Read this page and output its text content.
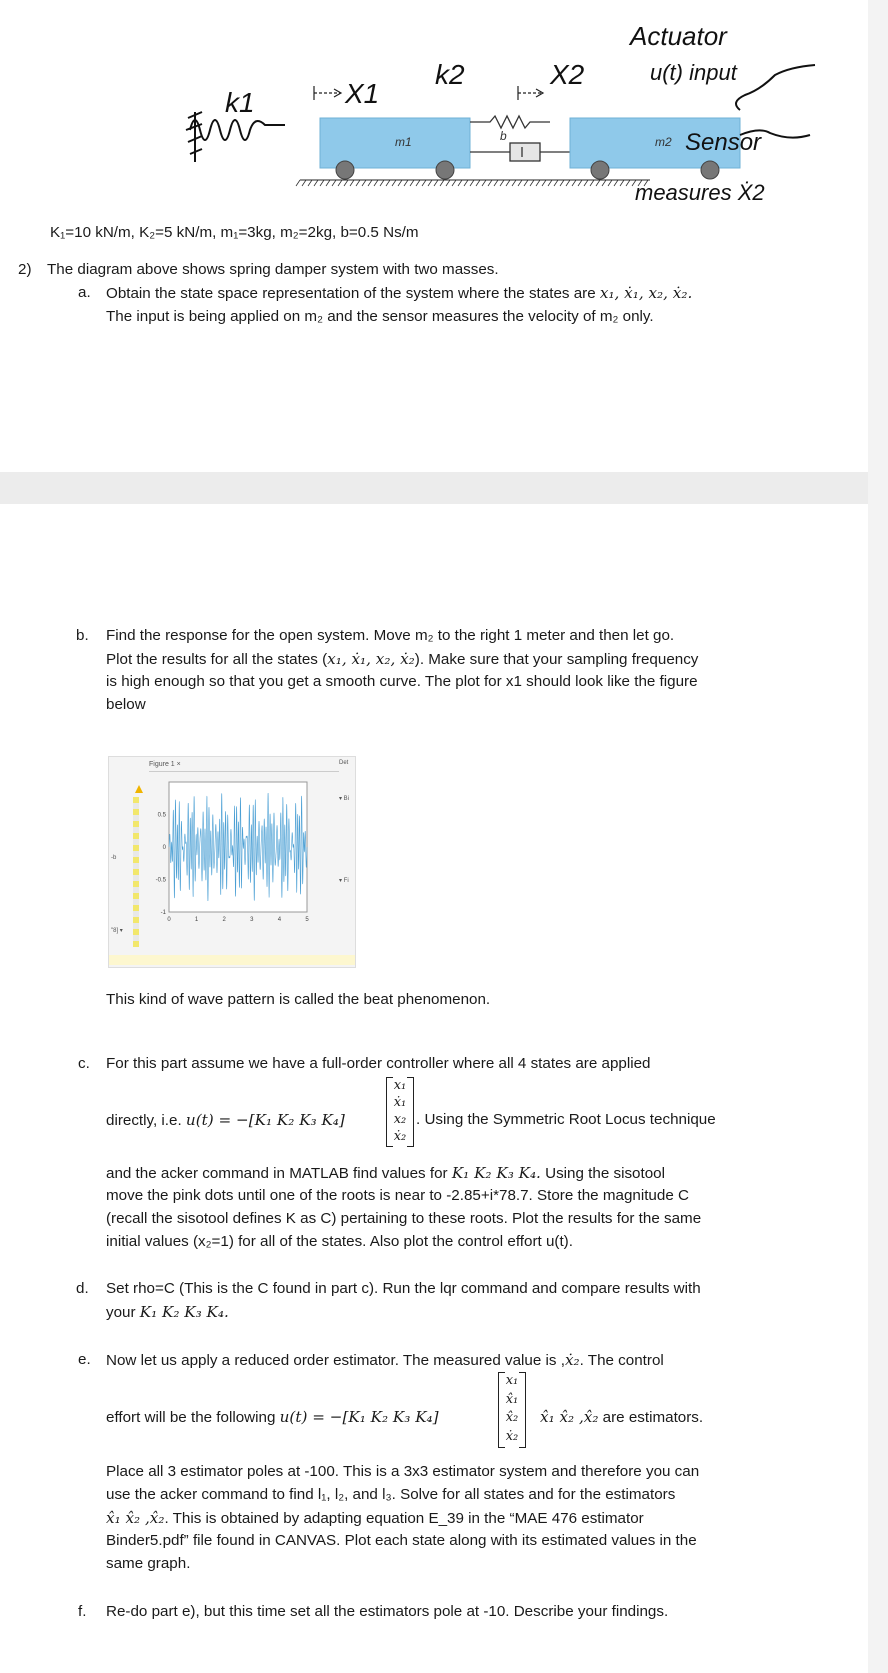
m1	b	m2
k1	X1
k2	X2
Actuator
u(t) input
Sensor
measures Ẋ2
K₁=10 kN/m, K₂=5 kN/m, m₁=3kg, m₂=2kg, b=0.5 Ns/m
2) The diagram above shows spring damper system with two masses.
a. Obtain the state space representation of the system where the states are x₁, ẋ₁, x₂, ẋ₂.
The input is being applied on m₂ and the sensor measures the velocity of m₂ only.
b. Find the response for the open system. Move m₂ to the right 1 meter and then let go.
Plot the results for all the states (x₁, ẋ₁, x₂, ẋ₂). Make sure that your sampling frequency
is high enough so that you get a smooth curve. The plot for x1 should look like the figure
below
Figure 1 ×	Det
▾ Bi
▾ Fi
-b
"8] ▾
0	1	2	3	4	5
-1
-0.5
0
0.5
This kind of wave pattern is called the beat phenomenon.
c. For this part assume we have a full-order controller where all 4 states are applied
directly, i.e. u(t) = −[K₁ K₂ K₃ K₄]
x₁
ẋ₁
x₂
ẋ₂
. Using the Symmetric Root Locus technique
and the acker command in MATLAB find values for K₁ K₂ K₃ K₄. Using the sisotool
move the pink dots until one of the roots is near to -2.85+i*78.7. Store the magnitude C
(recall the sisotool defines K as C) pertaining to these roots. Plot the results for the same
initial values (x₂=1) for all of the states. Also plot the control effort u(t).
d. Set rho=C (This is the C found in part c). Run the lqr command and compare results with
your K₁ K₂ K₃ K₄.
e. Now let us apply a reduced order estimator. The measured value is ,ẋ₂. The control
effort will be the following u(t) = −[K₁ K₂ K₃ K₄]
x₁
x̂₁
x̂₂
ẋ₂
x̂₁ x̂₂ ,x̂₂ are estimators.
Place all 3 estimator poles at -100. This is a 3x3 estimator system and therefore you can
use the acker command to find l₁, l₂, and l₃. Solve for all states and for the estimators
x̂₁ x̂₂ ,x̂₂. This is obtained by adapting equation E_39 in the “MAE 476 estimator
Binder5.pdf” file found in CANVAS. Plot each state along with its estimated values in the
same graph.
f. Re-do part e), but this time set all the estimators pole at -10. Describe your findings.
